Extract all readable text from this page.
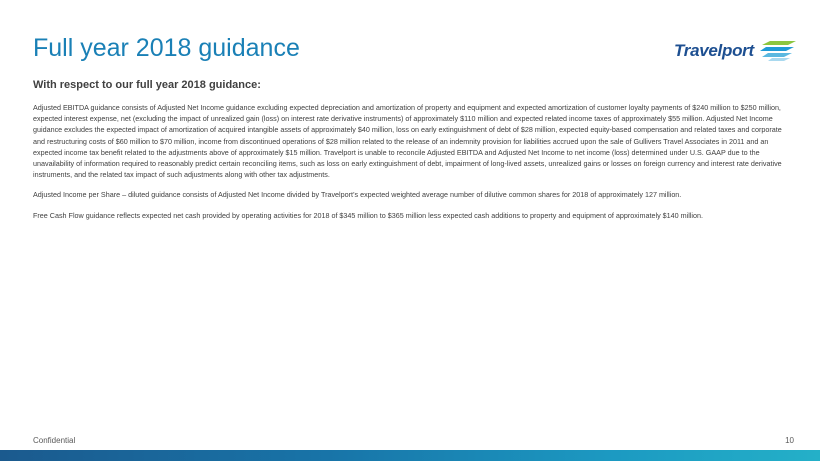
Full year 2018 guidance	Travelport
With respect to our full year 2018 guidance:

Adjusted EBITDA guidance consists of Adjusted Net Income guidance excluding expected depreciation and amortization of property and equipment and expected amortization of customer loyalty payments of $240 million to $250 million, expected interest expense, net (excluding the impact of unrealized gain (loss) on interest rate derivative instruments) of approximately $110 million and expected related income taxes of approximately $55 million. Adjusted Net Income guidance excludes the expected impact of amortization of acquired intangible assets of approximately $40 million, loss on early extinguishment of debt of $28 million, expected equity-based compensation and related taxes and corporate and restructuring costs of $60 million to $70 million, income from discontinued operations of $28 million related to the release of an indemnity provision for liabilities accrued upon the sale of Gullivers Travel Associates in 2011 and an expected income tax benefit related to the adjustments above of approximately $15 million. Travelport is unable to reconcile Adjusted EBITDA and Adjusted Net Income to net income (loss) determined under U.S. GAAP due to the unavailability of information required to reasonably predict certain reconciling items, such as loss on early extinguishment of debt, impairment of long-lived assets, unrealized gains or losses on foreign currency and interest rate derivative instruments, and the related tax impact of such adjustments along with other tax adjustments.

Adjusted Income per Share – diluted guidance consists of Adjusted Net Income divided by Travelport’s expected weighted average number of dilutive common shares for 2018 of approximately 127 million.

Free Cash Flow guidance reflects expected net cash provided by operating activities for 2018 of $345 million to $365 million less expected cash additions to property and equipment of approximately $140 million.

Confidential	10
